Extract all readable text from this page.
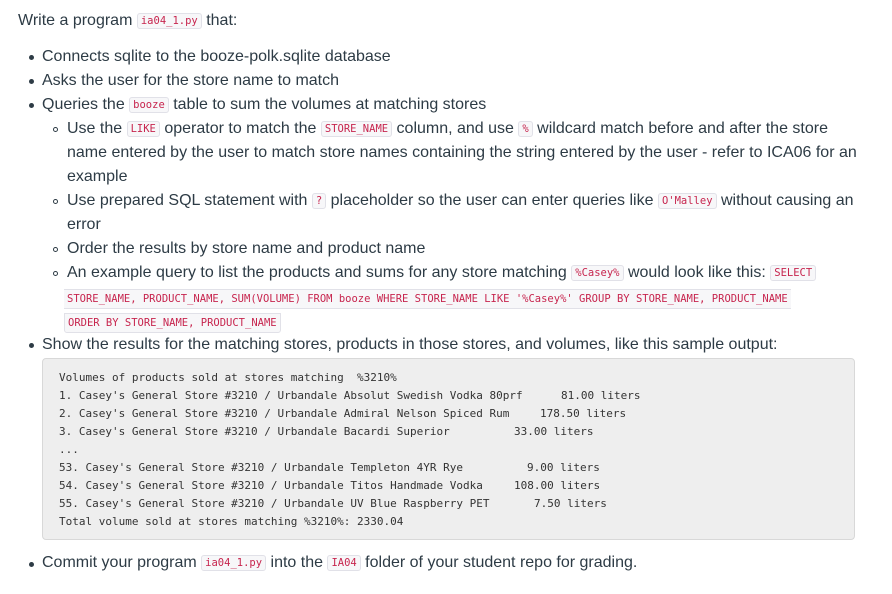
Write a program ia04_1.py that:
Connects sqlite to the booze-polk.sqlite database
Asks the user for the store name to match
Queries the booze table to sum the volumes at matching stores
Use the LIKE operator to match the STORE_NAME column, and use % wildcard match before and after the store
name entered by the user to match store names containing the string entered by the user - refer to ICA06 for an
example
Use prepared SQL statement with ? placeholder so the user can enter queries like O'Malley without causing an
error
Order the results by store name and product name
An example query to list the products and sums for any store matching %Casey% would look like this: SELECT
STORE_NAME, PRODUCT_NAME, SUM(VOLUME) FROM booze WHERE STORE_NAME LIKE '%Casey%' GROUP BY STORE_NAME, PRODUCT_NAME
ORDER BY STORE_NAME, PRODUCT_NAME
Show the results for the matching stores, products in those stores, and volumes, like this sample output:
Volumes of products sold at stores matching  %3210%
1. Casey's General Store #3210 / Urbandale Absolut Swedish Vodka 80prf	81.00 liters
2. Casey's General Store #3210 / Urbandale Admiral Nelson Spiced Rum	178.50 liters
3. Casey's General Store #3210 / Urbandale Bacardi Superior	33.00 liters
...
53. Casey's General Store #3210 / Urbandale Templeton 4YR Rye	9.00 liters
54. Casey's General Store #3210 / Urbandale Titos Handmade Vodka	108.00 liters
55. Casey's General Store #3210 / Urbandale UV Blue Raspberry PET	7.50 liters
Total volume sold at stores matching %3210%: 2330.04
Commit your program ia04_1.py into the IA04 folder of your student repo for grading.
